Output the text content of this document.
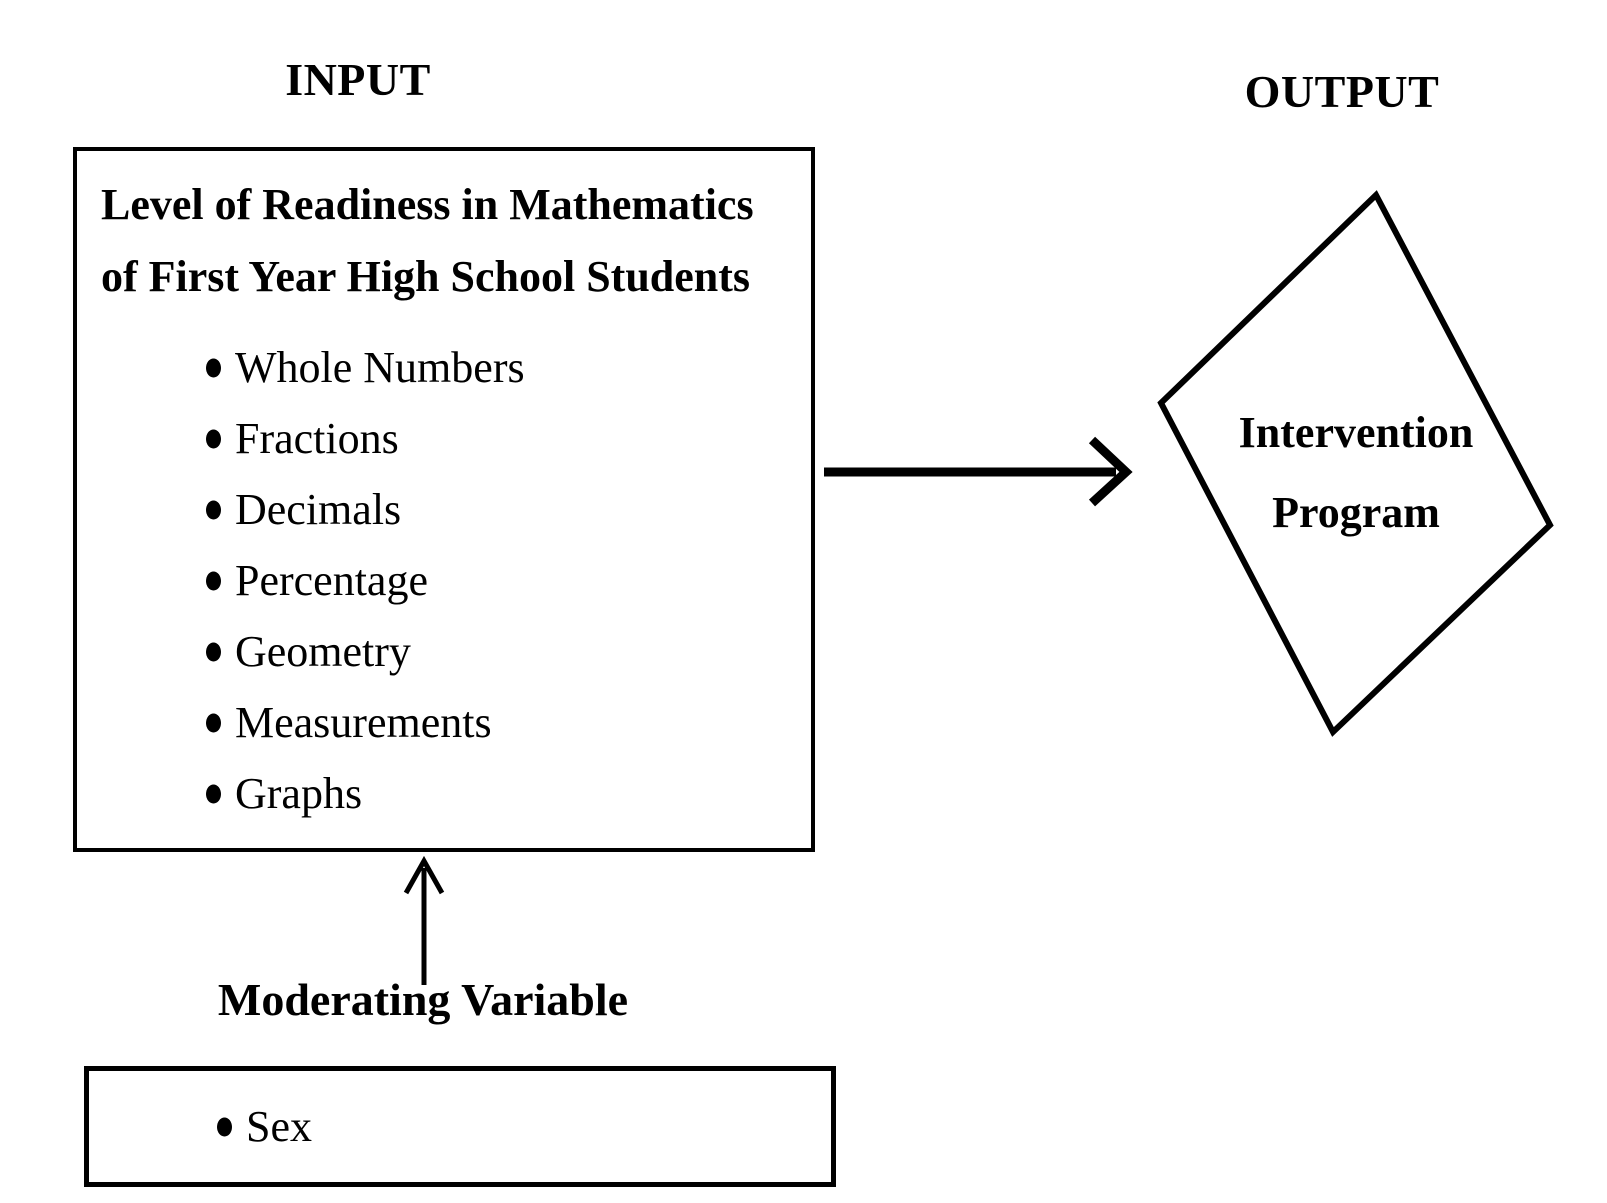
INPUT	OUTPUT
Level of Readiness in Mathematics
of First Year High School Students
Whole Numbers
Fractions
Decimals
Percentage
Geometry
Measurements
Graphs
Intervention
Program
Moderating Variable
Sex
